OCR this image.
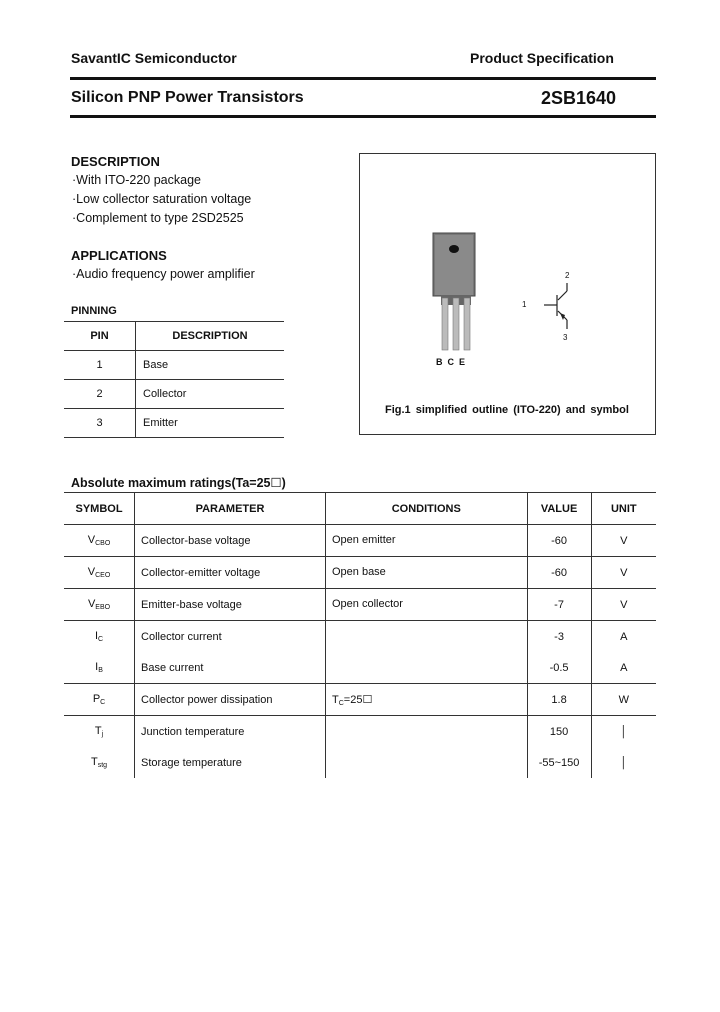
SavantIC Semiconductor	Product Specification
Silicon PNP Power Transistors	2SB1640
DESCRIPTION
·With ITO-220 package
·Low collector saturation voltage
·Complement to type 2SD2525
APPLICATIONS
·Audio frequency power amplifier
PINNING
PIN	DESCRIPTION
1	Base
2	Collector
3	Emitter
1
2
3
BCE
Fig.1 simplified outline (ITO-220) and symbol
Absolute maximum ratings(Ta=25☐)
SYMBOL	PARAMETER	CONDITIONS	VALUE	UNIT
$V_{CBO}$	Collector-base voltage	Open emitter	-60	V
$V_{CEO}$	Collector-emitter voltage	Open base	-60	V
$V_{EBO}$	Emitter-base voltage	Open collector	-7	V
$I_C$	Collector current		-3	A
$I_B$	Base current		-0.5	A
$P_C$	Collector power dissipation	$T_C=25☐$	1.8	W
$T_j$	Junction temperature		150	│
$T_{stg}$	Storage temperature		-55~150	│
